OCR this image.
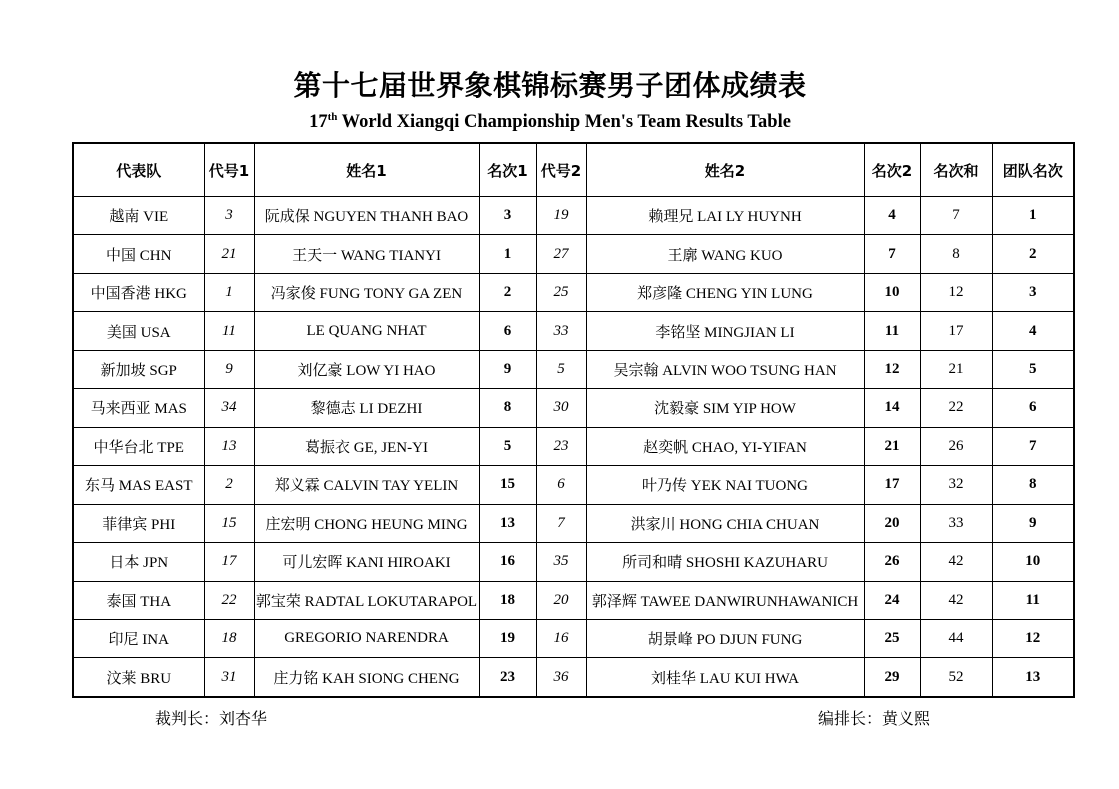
第十七届世界象棋锦标赛男子团体成绩表
17th World Xiangqi Championship Men's Team Results Table
代表队	代号1	姓名1	名次1	代号2	姓名2	名次2	名次和	团队名次
越南 VIE	3	阮成保 NGUYEN THANH BAO	3	19	赖理兄 LAI LY HUYNH	4	7	1
中国 CHN	21	王天一 WANG TIANYI	1	27	王廓 WANG KUO	7	8	2
中国香港 HKG	1	冯家俊 FUNG TONY GA ZEN	2	25	郑彦隆 CHENG YIN LUNG	10	12	3
美国 USA	11	LE QUANG NHAT	6	33	李铭坚 MINGJIAN LI	11	17	4
新加坡 SGP	9	刘亿豪 LOW YI HAO	9	5	吴宗翰 ALVIN WOO TSUNG HAN	12	21	5
马来西亚 MAS	34	黎德志 LI DEZHI	8	30	沈毅豪 SIM YIP HOW	14	22	6
中华台北 TPE	13	葛振衣 GE, JEN-YI	5	23	赵奕帆 CHAO, YI-YIFAN	21	26	7
东马 MAS EAST	2	郑义霖 CALVIN TAY YELIN	15	6	叶乃传 YEK NAI TUONG	17	32	8
菲律宾 PHI	15	庄宏明 CHONG HEUNG MING	13	7	洪家川 HONG CHIA CHUAN	20	33	9
日本 JPN	17	可儿宏晖 KANI HIROAKI	16	35	所司和晴 SHOSHI KAZUHARU	26	42	10
泰国 THA	22	郭宝荣 RADTAL LOKUTARAPOL	18	20	郭泽辉 TAWEE DANWIRUNHAWANICH	24	42	11
印尼 INA	18	GREGORIO NARENDRA	19	16	胡景峰 PO DJUN FUNG	25	44	12
汶莱 BRU	31	庄力铭 KAH SIONG CHENG	23	36	刘桂华 LAU KUI HWA	29	52	13
裁判长：刘杏华	编排长：黄义熙
